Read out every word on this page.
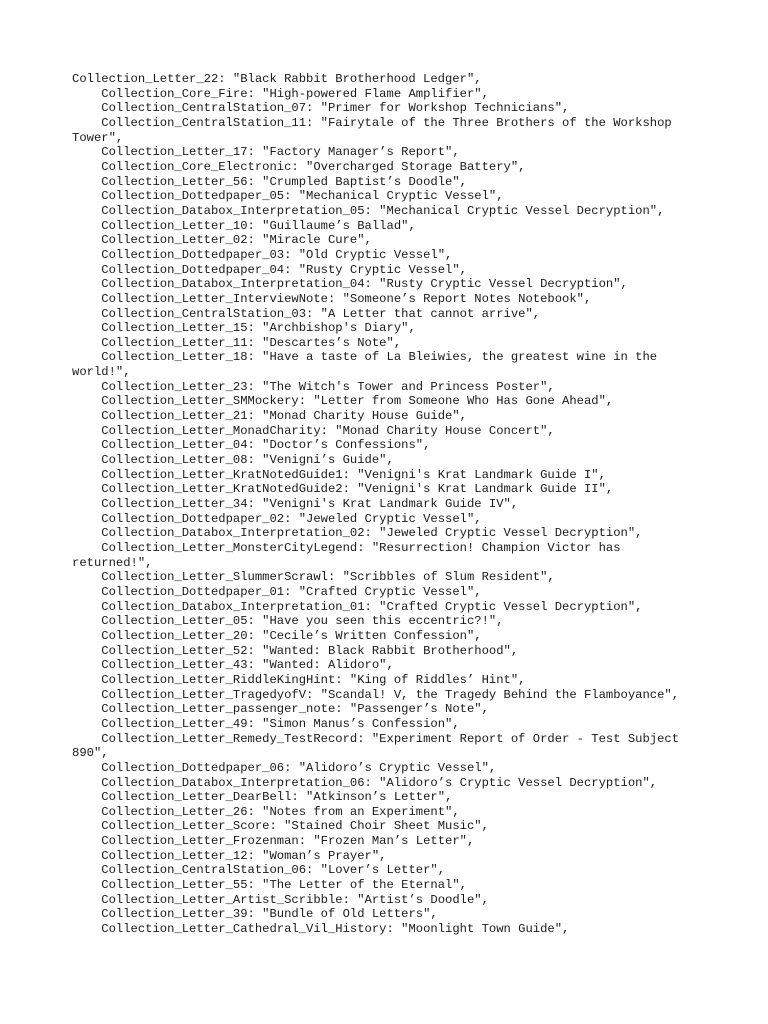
Collection_Letter_22: "Black Rabbit Brotherhood Ledger",
Collection_Core_Fire: "High-powered Flame Amplifier",
Collection_CentralStation_07: "Primer for Workshop Technicians",
Collection_CentralStation_11: "Fairytale of the Three Brothers of the Workshop Tower",
Collection_Letter_17: "Factory Manager’s Report",
Collection_Core_Electronic: "Overcharged Storage Battery",
Collection_Letter_56: "Crumpled Baptist’s Doodle",
Collection_Dottedpaper_05: "Mechanical Cryptic Vessel",
Collection_Databox_Interpretation_05: "Mechanical Cryptic Vessel Decryption",
Collection_Letter_10: "Guillaume’s Ballad",
Collection_Letter_02: "Miracle Cure",
Collection_Dottedpaper_03: "Old Cryptic Vessel",
Collection_Dottedpaper_04: "Rusty Cryptic Vessel",
Collection_Databox_Interpretation_04: "Rusty Cryptic Vessel Decryption",
Collection_Letter_InterviewNote: "Someone’s Report Notes Notebook",
Collection_CentralStation_03: "A Letter that cannot arrive",
Collection_Letter_15: "Archbishop's Diary",
Collection_Letter_11: "Descartes’s Note",
Collection_Letter_18: "Have a taste of La Bleiwies, the greatest wine in the world!",
Collection_Letter_23: "The Witch's Tower and Princess Poster",
Collection_Letter_SMMockery: "Letter from Someone Who Has Gone Ahead",
Collection_Letter_21: "Monad Charity House Guide",
Collection_Letter_MonadCharity: "Monad Charity House Concert",
Collection_Letter_04: "Doctor’s Confessions",
Collection_Letter_08: "Venigni’s Guide",
Collection_Letter_KratNotedGuide1: "Venigni's Krat Landmark Guide I",
Collection_Letter_KratNotedGuide2: "Venigni's Krat Landmark Guide II",
Collection_Letter_34: "Venigni's Krat Landmark Guide IV",
Collection_Dottedpaper_02: "Jeweled Cryptic Vessel",
Collection_Databox_Interpretation_02: "Jeweled Cryptic Vessel Decryption",
Collection_Letter_MonsterCityLegend: "Resurrection! Champion Victor has returned!",
Collection_Letter_SlummerScrawl: "Scribbles of Slum Resident",
Collection_Dottedpaper_01: "Crafted Cryptic Vessel",
Collection_Databox_Interpretation_01: "Crafted Cryptic Vessel Decryption",
Collection_Letter_05: "Have you seen this eccentric?!",
Collection_Letter_20: "Cecile’s Written Confession",
Collection_Letter_52: "Wanted: Black Rabbit Brotherhood",
Collection_Letter_43: "Wanted: Alidoro",
Collection_Letter_RiddleKingHint: "King of Riddles’ Hint",
Collection_Letter_TragedyofV: "Scandal! V, the Tragedy Behind the Flamboyance",
Collection_Letter_passenger_note: "Passenger’s Note",
Collection_Letter_49: "Simon Manus’s Confession",
Collection_Letter_Remedy_TestRecord: "Experiment Report of Order - Test Subject 890",
Collection_Dottedpaper_06: "Alidoro’s Cryptic Vessel",
Collection_Databox_Interpretation_06: "Alidoro’s Cryptic Vessel Decryption",
Collection_Letter_DearBell: "Atkinson’s Letter",
Collection_Letter_26: "Notes from an Experiment",
Collection_Letter_Score: "Stained Choir Sheet Music",
Collection_Letter_Frozenman: "Frozen Man’s Letter",
Collection_Letter_12: "Woman’s Prayer",
Collection_CentralStation_06: "Lover’s Letter",
Collection_Letter_55: "The Letter of the Eternal",
Collection_Letter_Artist_Scribble: "Artist’s Doodle",
Collection_Letter_39: "Bundle of Old Letters",
Collection_Letter_Cathedral_Vil_History: "Moonlight Town Guide",
